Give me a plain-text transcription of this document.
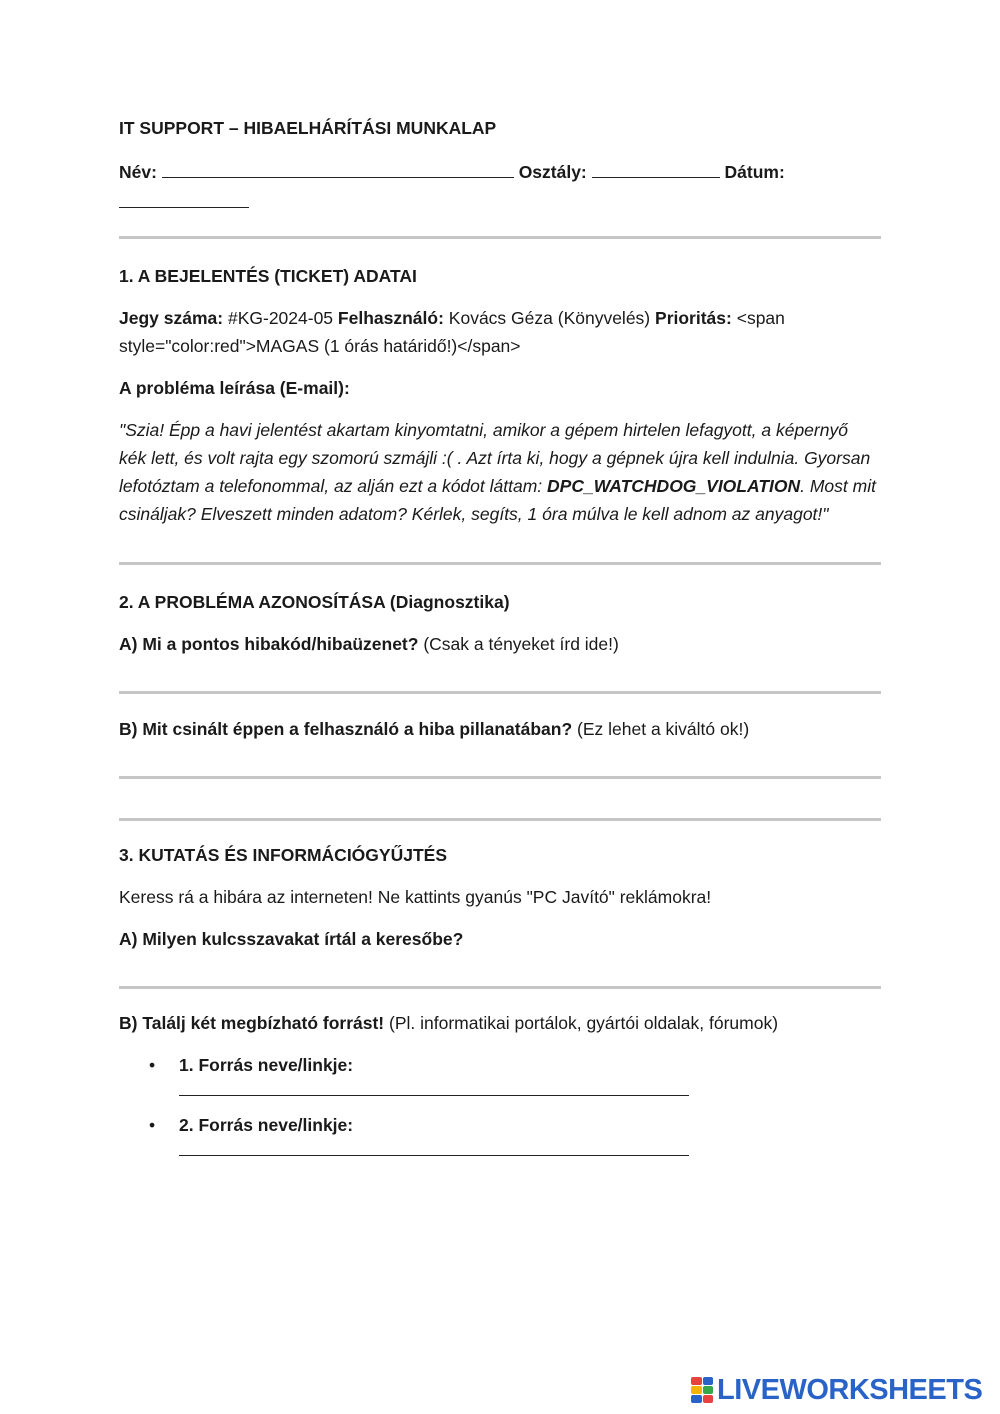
IT SUPPORT – HIBAELHÁRÍTÁSI MUNKALAP

Név:	Osztály:	Dátum:

1. A BEJELENTÉS (TICKET) ADATAI

Jegy száma: #KG-2024-05 Felhasználó: Kovács Géza (Könyvelés) Prioritás: <span style="color:red">MAGAS (1 órás határidő!)</span>

A probléma leírása (E-mail):

"Szia! Épp a havi jelentést akartam kinyomtatni, amikor a gépem hirtelen lefagyott, a képernyő kék lett, és volt rajta egy szomorú szmájli :( . Azt írta ki, hogy a gépnek újra kell indulnia. Gyorsan lefotóztam a telefonommal, az alján ezt a kódot láttam: DPC_WATCHDOG_VIOLATION. Most mit csináljak? Elveszett minden adatom? Kérlek, segíts, 1 óra múlva le kell adnom az anyagot!"

2. A PROBLÉMA AZONOSÍTÁSA (Diagnosztika)

A) Mi a pontos hibakód/hibaüzenet? (Csak a tényeket írd ide!)

B) Mit csinált éppen a felhasználó a hiba pillanatában? (Ez lehet a kiváltó ok!)

3. KUTATÁS ÉS INFORMÁCIÓGYŰJTÉS

Keress rá a hibára az interneten! Ne kattints gyanús "PC Javító" reklámokra!

A) Milyen kulcsszavakat írtál a keresőbe?

B) Találj két megbízható forrást! (Pl. informatikai portálok, gyártói oldalak, fórumok)

• 1. Forrás neve/linkje:
• 2. Forrás neve/linkje:
LIVEWORKSHEETS
